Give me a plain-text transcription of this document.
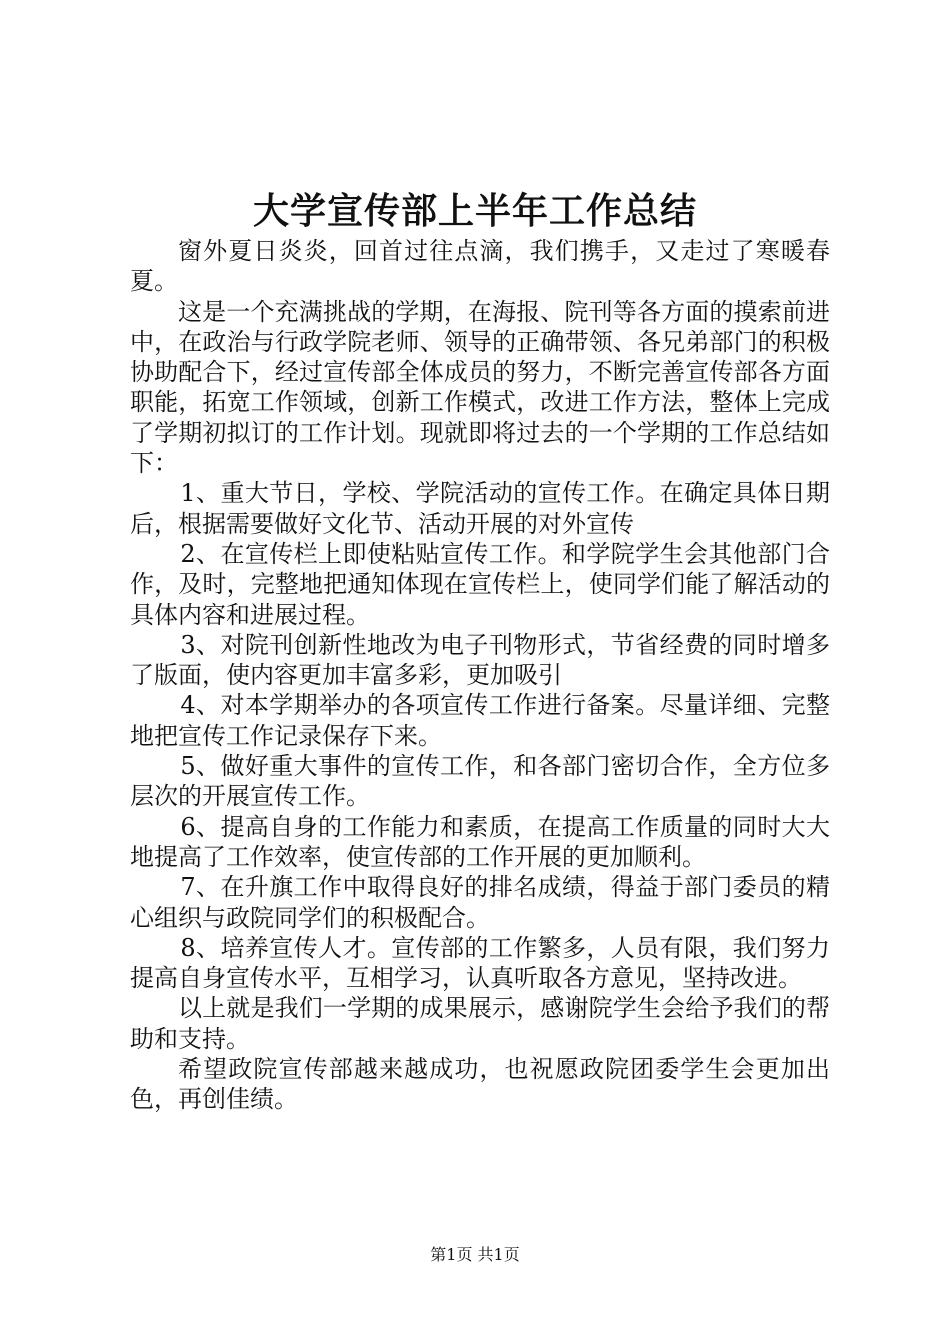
大学宣传部上半年工作总结

窗外夏日炎炎，回首过往点滴，我们携手，又走过了寒暖春夏。

这是一个充满挑战的学期，在海报、院刊等各方面的摸索前进中，在政治与行政学院老师、领导的正确带领、各兄弟部门的积极协助配合下，经过宣传部全体成员的努力，不断完善宣传部各方面职能，拓宽工作领域，创新工作模式，改进工作方法，整体上完成了学期初拟订的工作计划。现就即将过去的一个学期的工作总结如下：

1、重大节日，学校、学院活动的宣传工作。在确定具体日期后，根据需要做好文化节、活动开展的对外宣传

2、在宣传栏上即使粘贴宣传工作。和学院学生会其他部门合作，及时，完整地把通知体现在宣传栏上，使同学们能了解活动的具体内容和进展过程。

3、对院刊创新性地改为电子刊物形式，节省经费的同时增多了版面，使内容更加丰富多彩，更加吸引

4、对本学期举办的各项宣传工作进行备案。尽量详细、完整地把宣传工作记录保存下来。

5、做好重大事件的宣传工作，和各部门密切合作，全方位多层次的开展宣传工作。

6、提高自身的工作能力和素质，在提高工作质量的同时大大地提高了工作效率，使宣传部的工作开展的更加顺利。

7、在升旗工作中取得良好的排名成绩，得益于部门委员的精心组织与政院同学们的积极配合。

8、培养宣传人才。宣传部的工作繁多，人员有限，我们努力提高自身宣传水平，互相学习，认真听取各方意见，坚持改进。

以上就是我们一学期的成果展示，感谢院学生会给予我们的帮助和支持。

希望政院宣传部越来越成功，也祝愿政院团委学生会更加出色，再创佳绩。

第1页 共1页
